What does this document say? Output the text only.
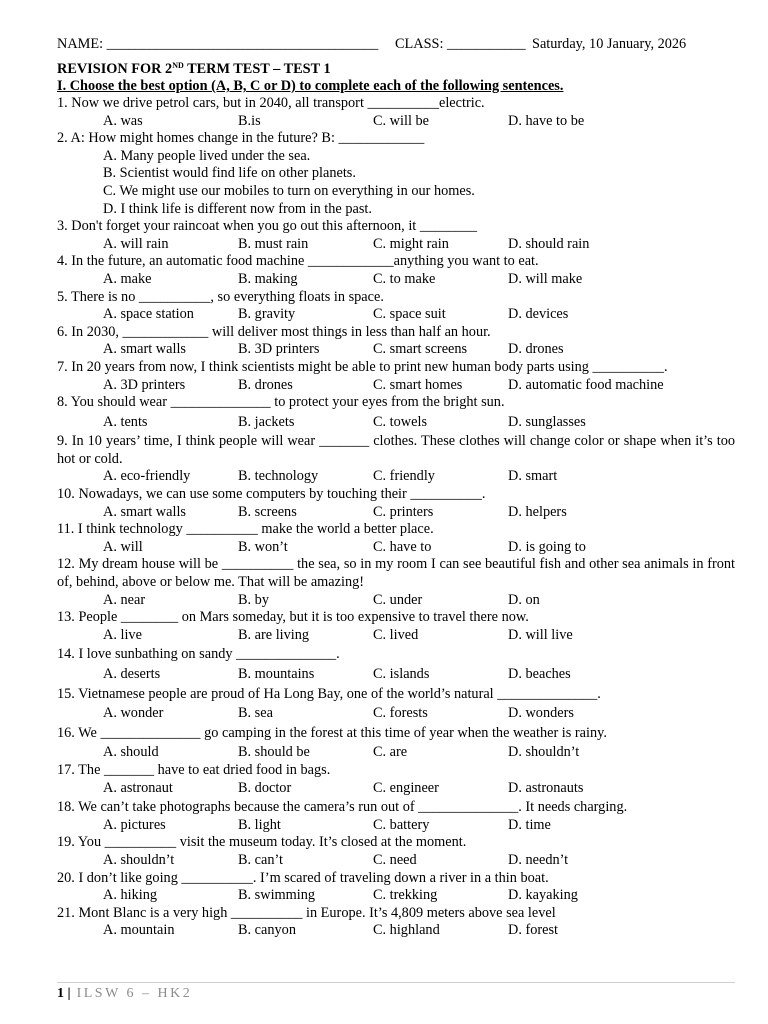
NAME: ______________________________________ CLASS: ___________ Saturday, 10 January, 2026
REVISION FOR 2ND TERM TEST – TEST 1
I. Choose the best option (A, B, C or D) to complete each of the following sentences.
1. Now we drive petrol cars, but in 2040, all transport __________electric.
A. was	B.is	C. will be	D. have to be
2. A: How might homes change in the future? B: ____________
A. Many people lived under the sea.
B. Scientist would find life on other planets.
C. We might use our mobiles to turn on everything in our homes.
D. I think life is different now from in the past.
3. Don't forget your raincoat when you go out this afternoon, it ________
A. will rain	B. must rain	C. might rain	D. should rain
4. In the future, an automatic food machine ____________anything you want to eat.
A. make	B. making	C. to make	D. will make
5. There is no __________, so everything floats in space.
A. space station	B. gravity	C. space suit	D. devices
6. In 2030, ____________ will deliver most things in less than half an hour.
A. smart walls	B. 3D printers	C. smart screens	D. drones
7. In 20 years from now, I think scientists might be able to print new human body parts using __________.
A. 3D printers	B. drones	C. smart homes	D. automatic food machine
8. You should wear ______________ to protect your eyes from the bright sun.
A. tents	B. jackets	C. towels	D. sunglasses
9. In 10 years’ time, I think people will wear _______ clothes. These clothes will change color or shape when it’s too hot or cold.
A. eco-friendly	B. technology	C. friendly	D. smart
10. Nowadays, we can use some computers by touching their __________.
A. smart walls	B. screens	C. printers	D. helpers
11. I think technology __________ make the world a better place.
A. will	B. won’t	C. have to	D. is going to
12. My dream house will be __________ the sea, so in my room I can see beautiful fish and other sea animals in front of, behind, above or below me. That will be amazing!
A. near	B. by	C. under	D. on
13. People ________ on Mars someday, but it is too expensive to travel there now.
A. live	B. are living	C. lived	D. will live
14. I love sunbathing on sandy ______________.
A. deserts	B. mountains	C. islands	D. beaches
15. Vietnamese people are proud of Ha Long Bay, one of the world’s natural ______________.
A. wonder	B. sea	C. forests	D. wonders
16. We ______________ go camping in the forest at this time of year when the weather is rainy.
A. should	B. should be	C. are	D. shouldn’t
17. The _______ have to eat dried food in bags.
A. astronaut	B. doctor	C. engineer	D. astronauts
18. We can’t take photographs because the camera’s run out of ______________. It needs charging.
A. pictures	B. light	C. battery	D. time
19. You __________ visit the museum today. It’s closed at the moment.
A. shouldn’t	B. can’t	C. need	D. needn’t
20. I don’t like going __________. I’m scared of traveling down a river in a thin boat.
A. hiking	B. swimming	C. trekking	D. kayaking
21. Mont Blanc is a very high __________ in Europe. It’s 4,809 meters above sea level
A. mountain	B. canyon	C. highland	D. forest
1 | ILSW 6 – HK2
